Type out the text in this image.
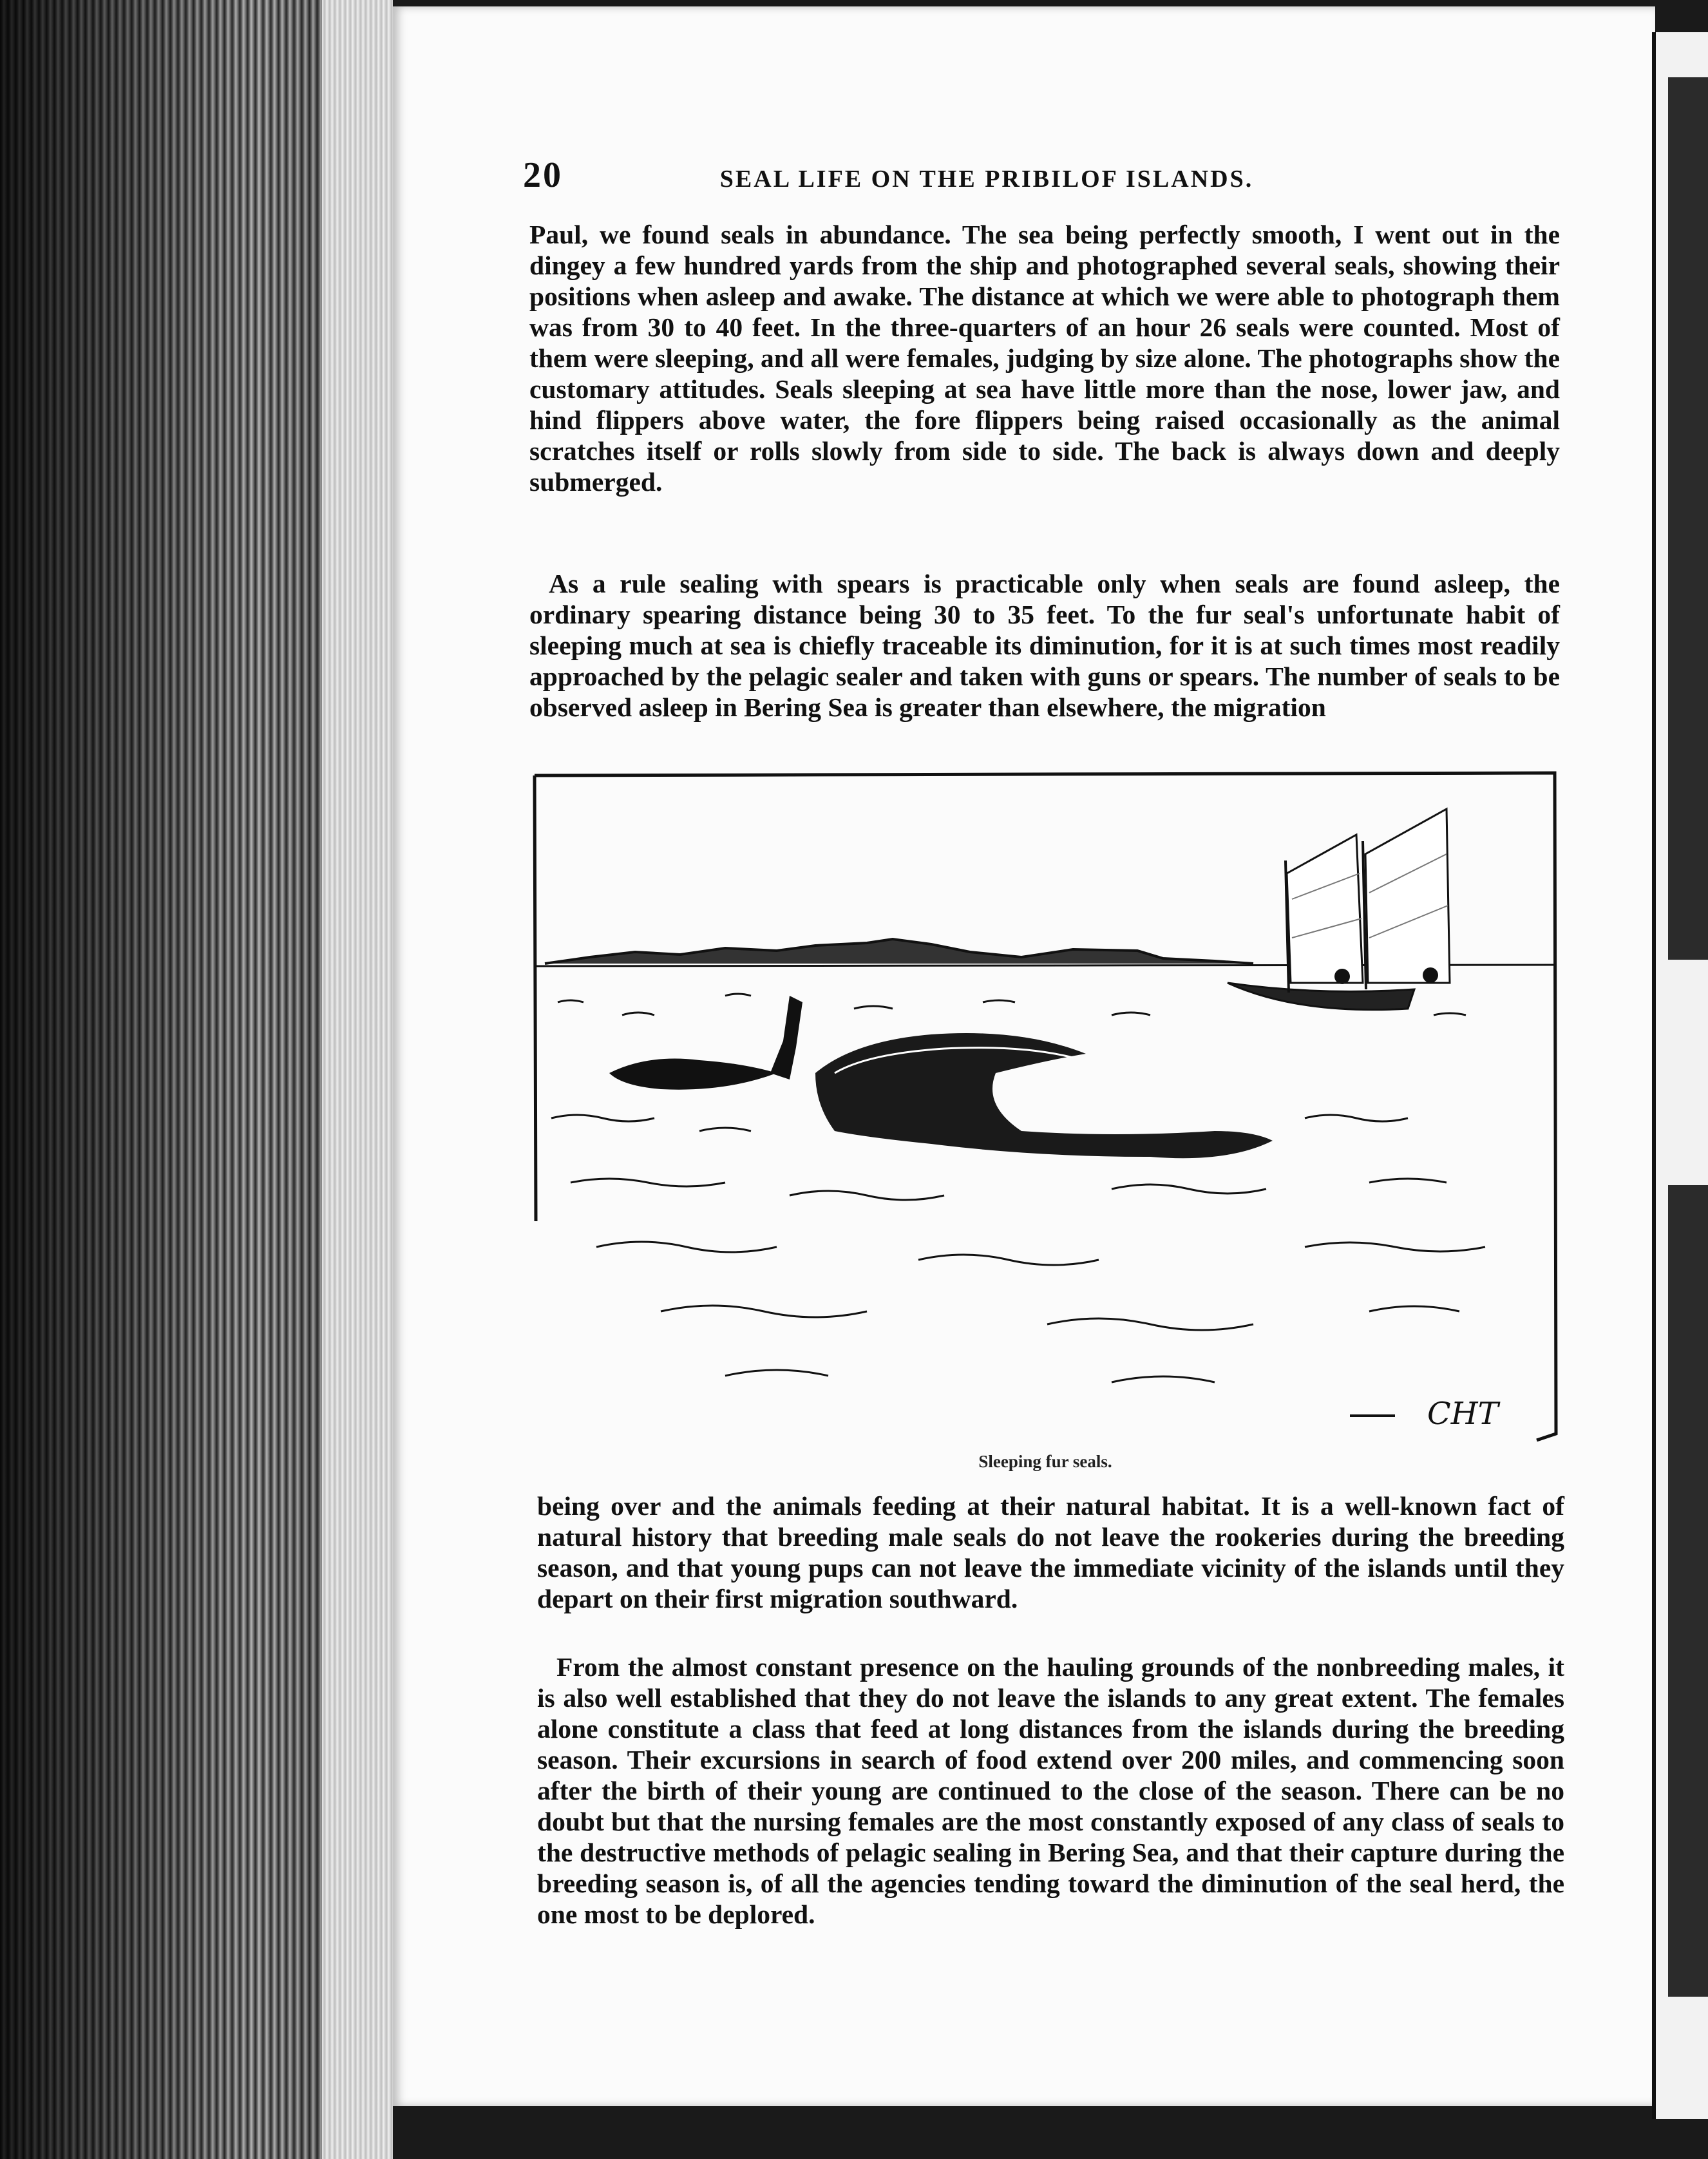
20	SEAL LIFE ON THE PRIBILOF ISLANDS.

Paul, we found seals in abundance. The sea being perfectly smooth, I went out in the dingey a few hundred yards from the ship and photographed several seals, showing their positions when asleep and awake. The distance at which we were able to photograph them was from 30 to 40 feet. In the three-quarters of an hour 26 seals were counted. Most of them were sleeping, and all were females, judging by size alone. The photographs show the customary attitudes. Seals sleeping at sea have little more than the nose, lower jaw, and hind flippers above water, the fore flippers being raised occasionally as the animal scratches itself or rolls slowly from side to side. The back is always down and deeply submerged.

As a rule sealing with spears is practicable only when seals are found asleep, the ordinary spearing distance being 30 to 35 feet. To the fur seal's unfortunate habit of sleeping much at sea is chiefly traceable its diminution, for it is at such times most readily approached by the pelagic sealer and taken with guns or spears. The number of seals to be observed asleep in Bering Sea is greater than elsewhere, the migration

CHT
Sleeping fur seals.

being over and the animals feeding at their natural habitat. It is a well-known fact of natural history that breeding male seals do not leave the rookeries during the breeding season, and that young pups can not leave the immediate vicinity of the islands until they depart on their first migration southward.

From the almost constant presence on the hauling grounds of the nonbreeding males, it is also well established that they do not leave the islands to any great extent. The females alone constitute a class that feed at long distances from the islands during the breeding season. Their excursions in search of food extend over 200 miles, and commencing soon after the birth of their young are continued to the close of the season. There can be no doubt but that the nursing females are the most constantly exposed of any class of seals to the destructive methods of pelagic sealing in Bering Sea, and that their capture during the breeding season is, of all the agencies tending toward the diminution of the seal herd, the one most to be deplored.
